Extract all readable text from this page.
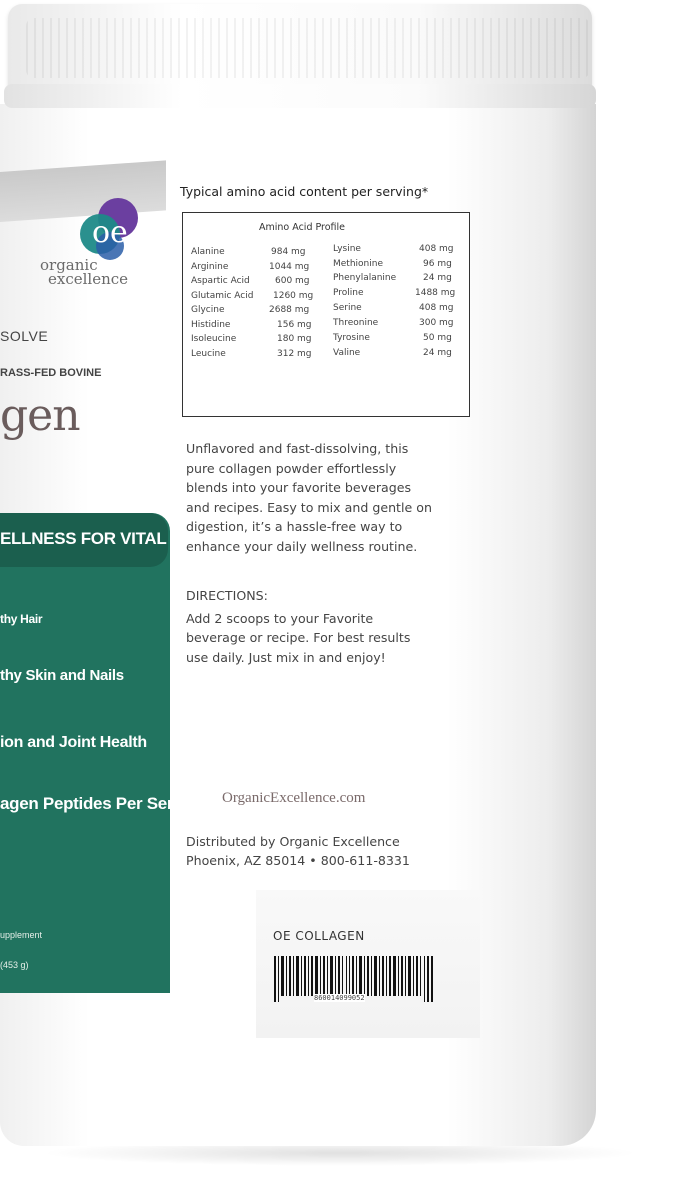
oe
organic
excellence
SOLVE
RASS-FED BOVINE
gen
ELLNESS FOR VITAL LIVING
thy Hair
thy Skin and Nails
ion and Joint Health
agen Peptides Per Serving
upplement
(453 g)
Typical amino acid content per serving*
Amino Acid Profile
Alanine	984 mg
Arginine	1044 mg
Aspartic Acid	600 mg
Glutamic Acid 1260 mg
Glycine	2688 mg
Histidine	156 mg
Isoleucine	180 mg
Leucine	312 mg
Lysine	408 mg
Methionine	96 mg
Phenylalanine	24 mg
Proline	1488 mg
Serine	408 mg
Threonine	300 mg
Tyrosine	50 mg
Valine	24 mg
Unflavored and fast-dissolving, this
pure collagen powder effortlessly
blends into your favorite beverages
and recipes. Easy to mix and gentle on
digestion, it’s a hassle-free way to
enhance your daily wellness routine.
DIRECTIONS:
Add 2 scoops to your Favorite
beverage or recipe. For best results
use daily. Just mix in and enjoy!
OrganicExcellence.com
Distributed by Organic Excellence
Phoenix, AZ 85014 • 800-611-8331
OE COLLAGEN
860014099052
